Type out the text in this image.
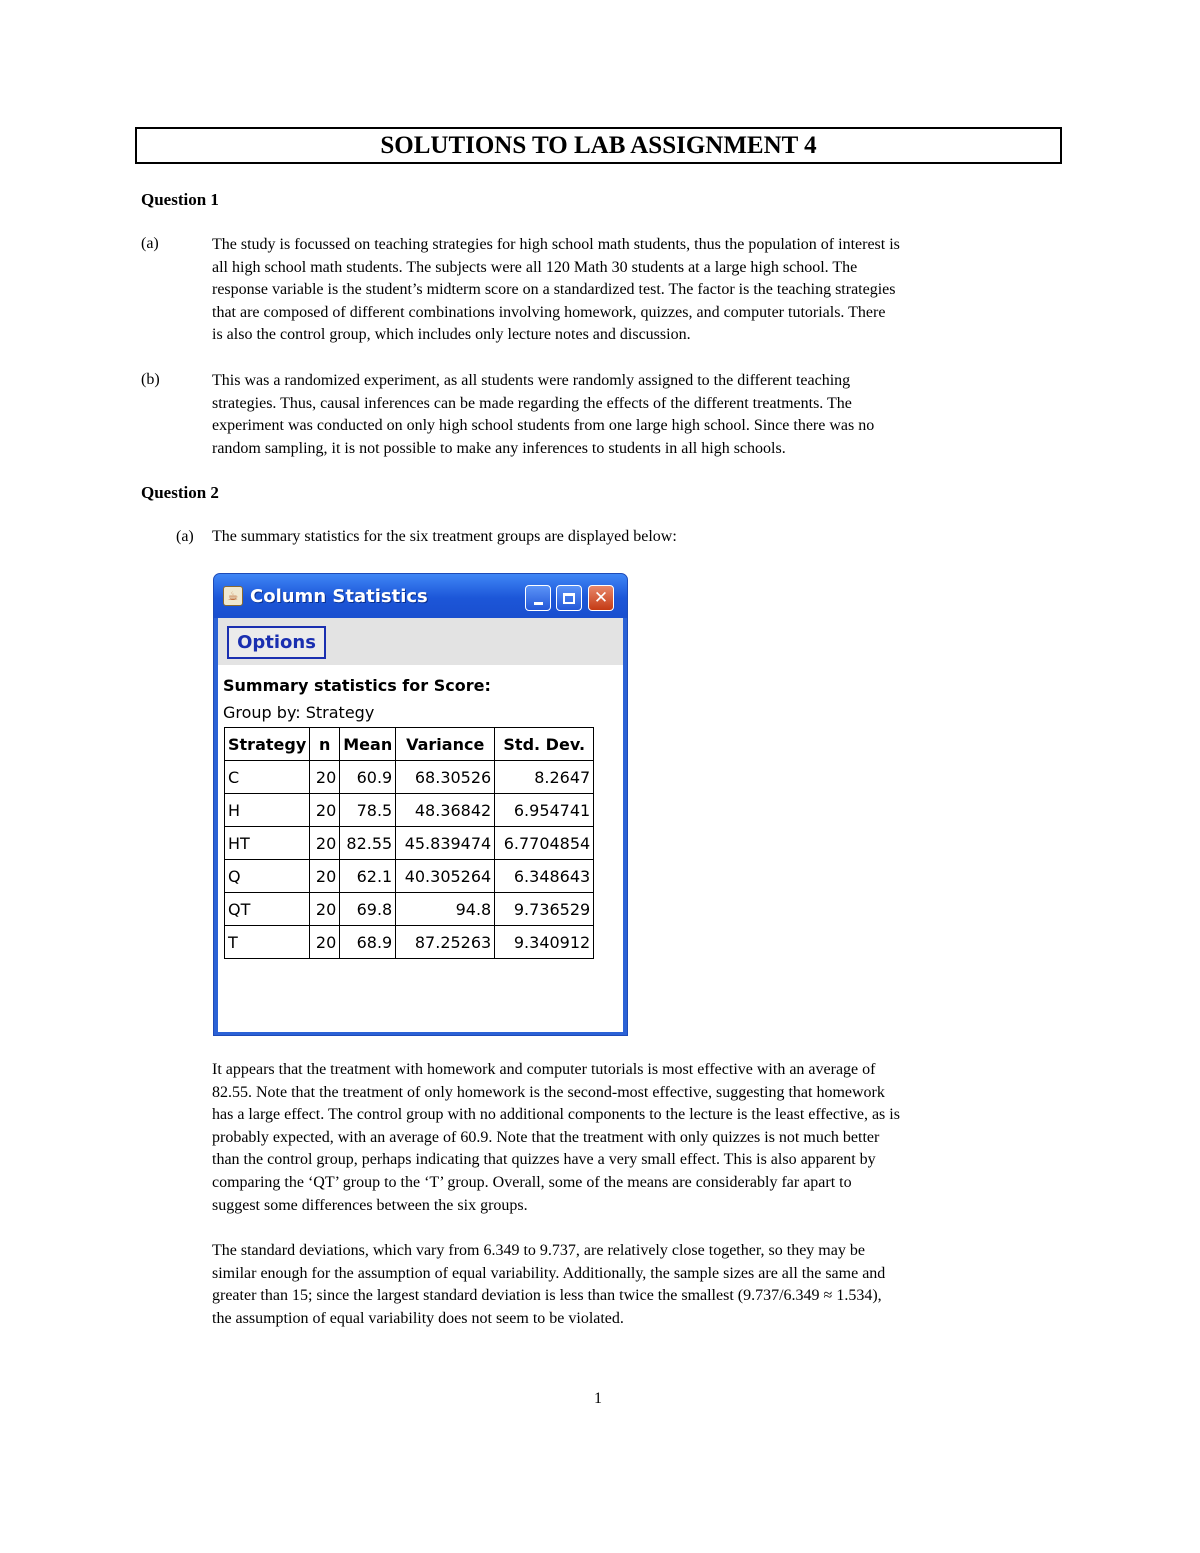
SOLUTIONS TO LAB ASSIGNMENT 4
Question 1
(a)	The study is focussed on teaching strategies for high school math students, thus the population of interest is
all high school math students. The subjects were all 120 Math 30 students at a large high school. The
response variable is the student’s midterm score on a standardized test. The factor is the teaching strategies
that are composed of different combinations involving homework, quizzes, and computer tutorials. There
is also the control group, which includes only lecture notes and discussion.
(b)	This was a randomized experiment, as all students were randomly assigned to the different teaching
strategies. Thus, causal inferences can be made regarding the effects of the different treatments. The
experiment was conducted on only high school students from one large high school. Since there was no
random sampling, it is not possible to make any inferences to students in all high schools.
Question 2
(a) The summary statistics for the six treatment groups are displayed below:
☕ Column Statistics	✕
Options
Summary statistics for Score:
Group by: Strategy
Strategy	n	Mean	Variance	Std. Dev.
C	20	60.9	68.30526	8.2647
H	20	78.5	48.36842	6.954741
HT	20	82.55	45.839474	6.7704854
Q	20	62.1	40.305264	6.348643
QT	20	69.8	94.8	9.736529
T	20	68.9	87.25263	9.340912
It appears that the treatment with homework and computer tutorials is most effective with an average of
82.55. Note that the treatment of only homework is the second-most effective, suggesting that homework
has a large effect. The control group with no additional components to the lecture is the least effective, as is
probably expected, with an average of 60.9. Note that the treatment with only quizzes is not much better
than the control group, perhaps indicating that quizzes have a very small effect. This is also apparent by
comparing the ‘QT’ group to the ‘T’ group. Overall, some of the means are considerably far apart to
suggest some differences between the six groups.
The standard deviations, which vary from 6.349 to 9.737, are relatively close together, so they may be
similar enough for the assumption of equal variability. Additionally, the sample sizes are all the same and
greater than 15; since the largest standard deviation is less than twice the smallest (9.737/6.349 ≈ 1.534),
the assumption of equal variability does not seem to be violated.
1
